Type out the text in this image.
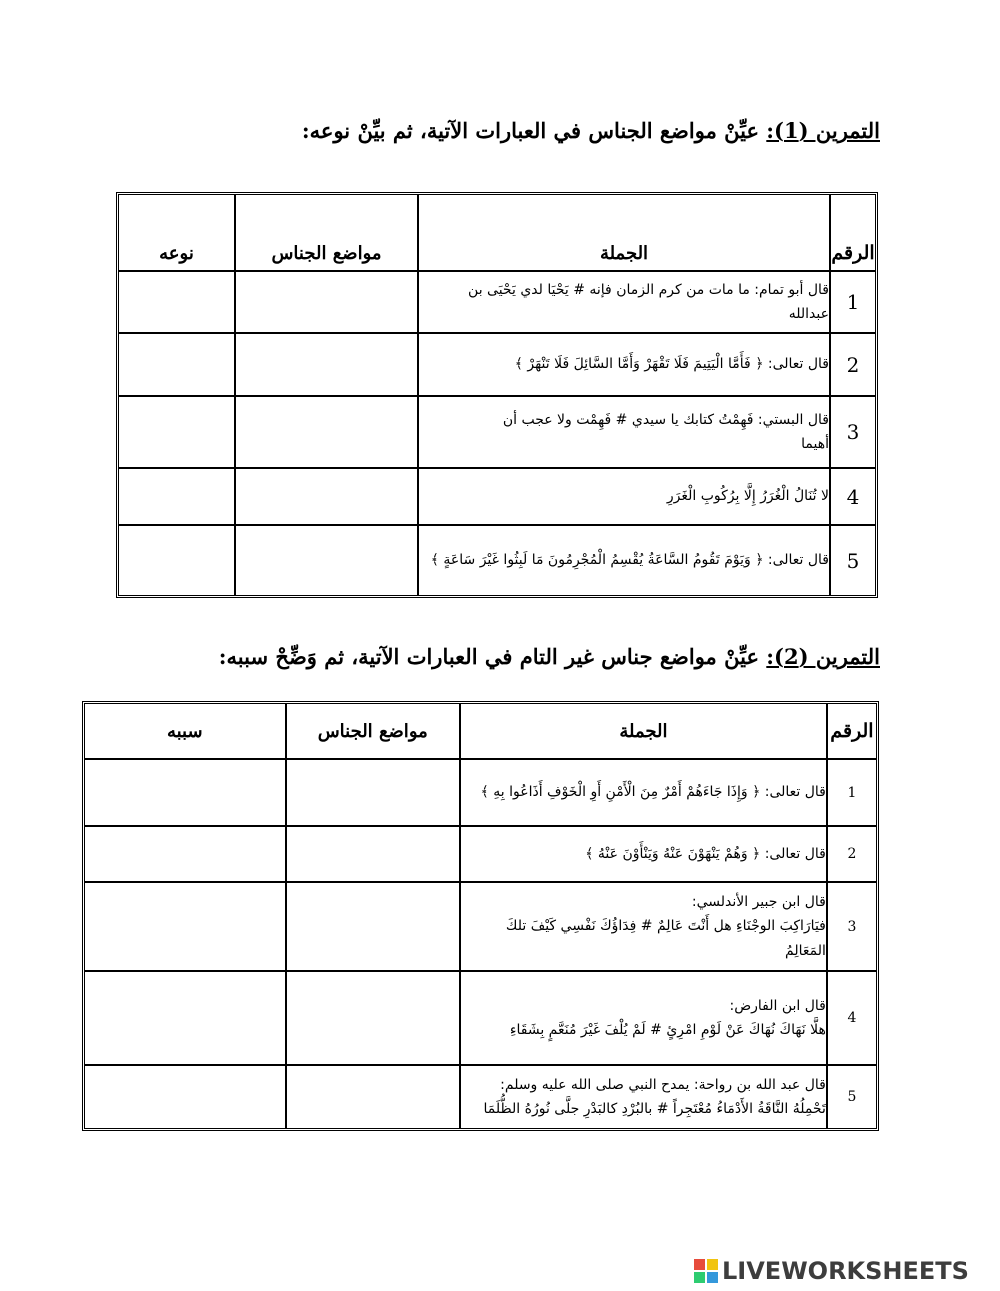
التمرين (1): عيِّنْ مواضع الجناس في العبارات الآتية، ثم بيِّنْ نوعه:
الرقم	الجملة	مواضع الجناس	نوعه
1	قال أبو تمام: ما مات من كرم الزمان فإنه # يَحْيَا لدي يَحْيَى بن
عبدالله		

2	قال تعالى: ﴿ فَأَمَّا الْيَتِيمَ فَلَا تَقْهَرْ وَأَمَّا السَّائِلَ فَلَا تَنْهَرْ ﴾		
3	قال البستي: فَهِمْتُ كتابك يا سيدي # فَهِمْت ولا عجب أن
أهيما		

4	لا تُنَالُ الْغُرَرُ إِلَّا بِرُكُوبِ الْغَرَرِ		
5	قال تعالى: ﴿ وَيَوْمَ تَقُومُ السَّاعَةُ يُقْسِمُ الْمُجْرِمُونَ مَا لَبِثُوا غَيْرَ سَاعَةٍ ﴾		
التمرين (2): عيِّنْ مواضع جناس غير التام في العبارات الآتية، ثم وَضِّحْ سببه:
الرقم	الجملة	مواضع الجناس	سببه
1	قال تعالى: ﴿ وَإِذَا جَاءَهُمْ أَمْرٌ مِنَ الْأَمْنِ أَوِ الْخَوْفِ أَذَاعُوا بِهِ ﴾		
2	قال تعالى: ﴿ وَهُمْ يَنْهَوْنَ عَنْهُ وَيَنْأَوْنَ عَنْهُ ﴾		
3	قال ابن جبير الأندلسي:
فيَارَاكِبَ الوجْنَاءِ هل أَنْتَ عَالِمٌ # فِدَاؤُكَ نَفْسِي كَيْفَ تلكَ المَعَالِمُ		

4	قال ابن الفارض:
هلَّا نَهَاكَ نُهَاكَ عَنْ لَوْمِ امْرِئٍ # لَمْ يُلْفَ غَيْرَ مُنَعَّمٍ بِشَقَاءِ		

5	قال عبد الله بن رواحة: يمدح النبي صلى الله عليه وسلم:
تَحْمِلُهُ النَّاقَةُ الأَدْمَاءُ مُعْتَجِراً # بالبُرْدِ كالبَدْرِ جلَّى نُورُهُ الظُّلَمَا		

LIVEWORKSHEETS
